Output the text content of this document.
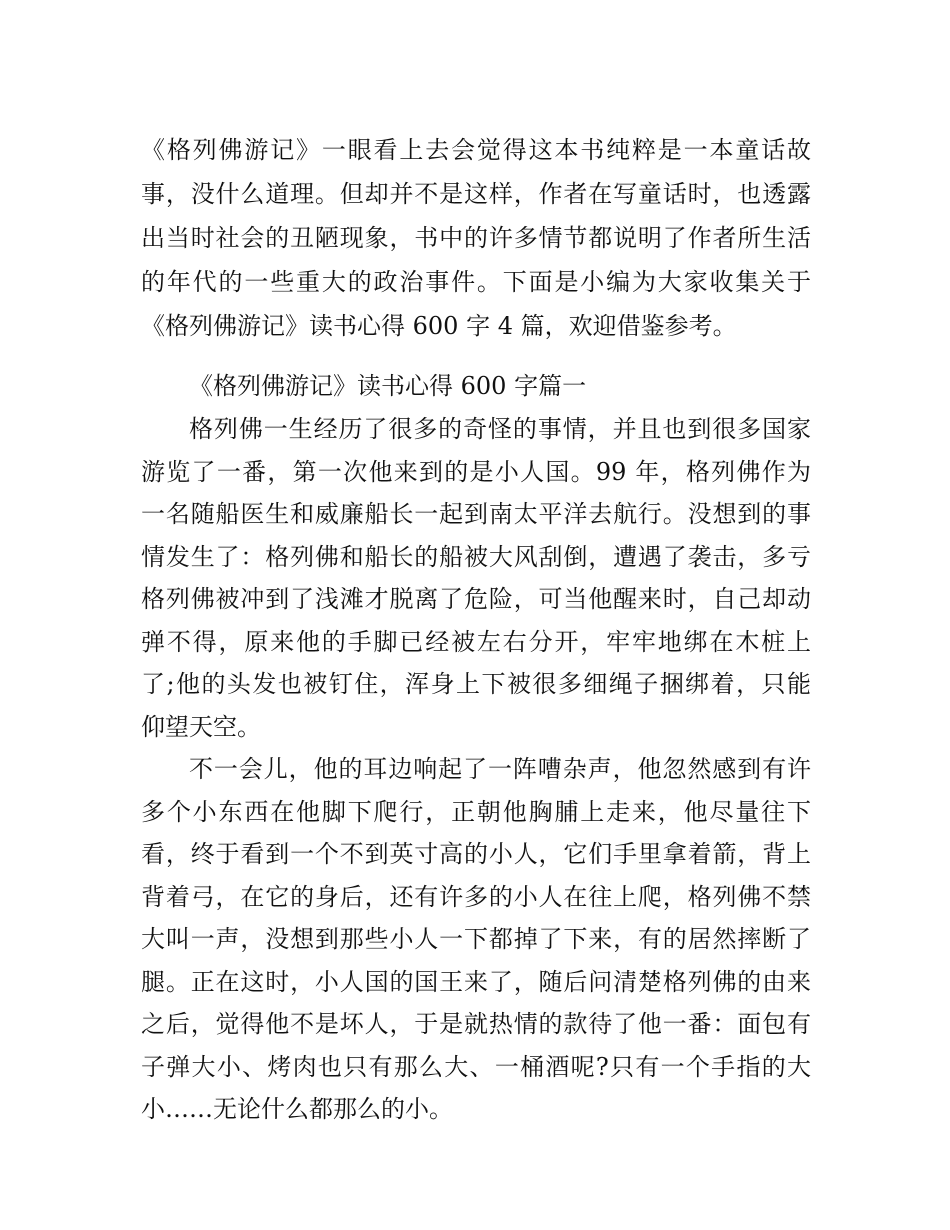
《格列佛游记》一眼看上去会觉得这本书纯粹是一本童话故
事，没什么道理。但却并不是这样，作者在写童话时，也透露
出当时社会的丑陋现象，书中的许多情节都说明了作者所生活
的年代的一些重大的政治事件。下面是小编为大家收集关于
《格列佛游记》读书心得 600 字 4 篇，欢迎借鉴参考。
《格列佛游记》读书心得 600 字篇一
格列佛一生经历了很多的奇怪的事情，并且也到很多国家
游览了一番，第一次他来到的是小人国。99 年，格列佛作为
一名随船医生和威廉船长一起到南太平洋去航行。没想到的事
情发生了：格列佛和船长的船被大风刮倒，遭遇了袭击，多亏
格列佛被冲到了浅滩才脱离了危险，可当他醒来时，自己却动
弹不得，原来他的手脚已经被左右分开，牢牢地绑在木桩上
了;他的头发也被钉住，浑身上下被很多细绳子捆绑着，只能
仰望天空。
不一会儿，他的耳边响起了一阵嘈杂声，他忽然感到有许
多个小东西在他脚下爬行，正朝他胸脯上走来，他尽量往下
看，终于看到一个不到英寸高的小人，它们手里拿着箭，背上
背着弓，在它的身后，还有许多的小人在往上爬，格列佛不禁
大叫一声，没想到那些小人一下都掉了下来，有的居然摔断了
腿。正在这时，小人国的国王来了，随后问清楚格列佛的由来
之后，觉得他不是坏人，于是就热情的款待了他一番：面包有
子弹大小、烤肉也只有那么大、一桶酒呢?只有一个手指的大
小……无论什么都那么的小。
